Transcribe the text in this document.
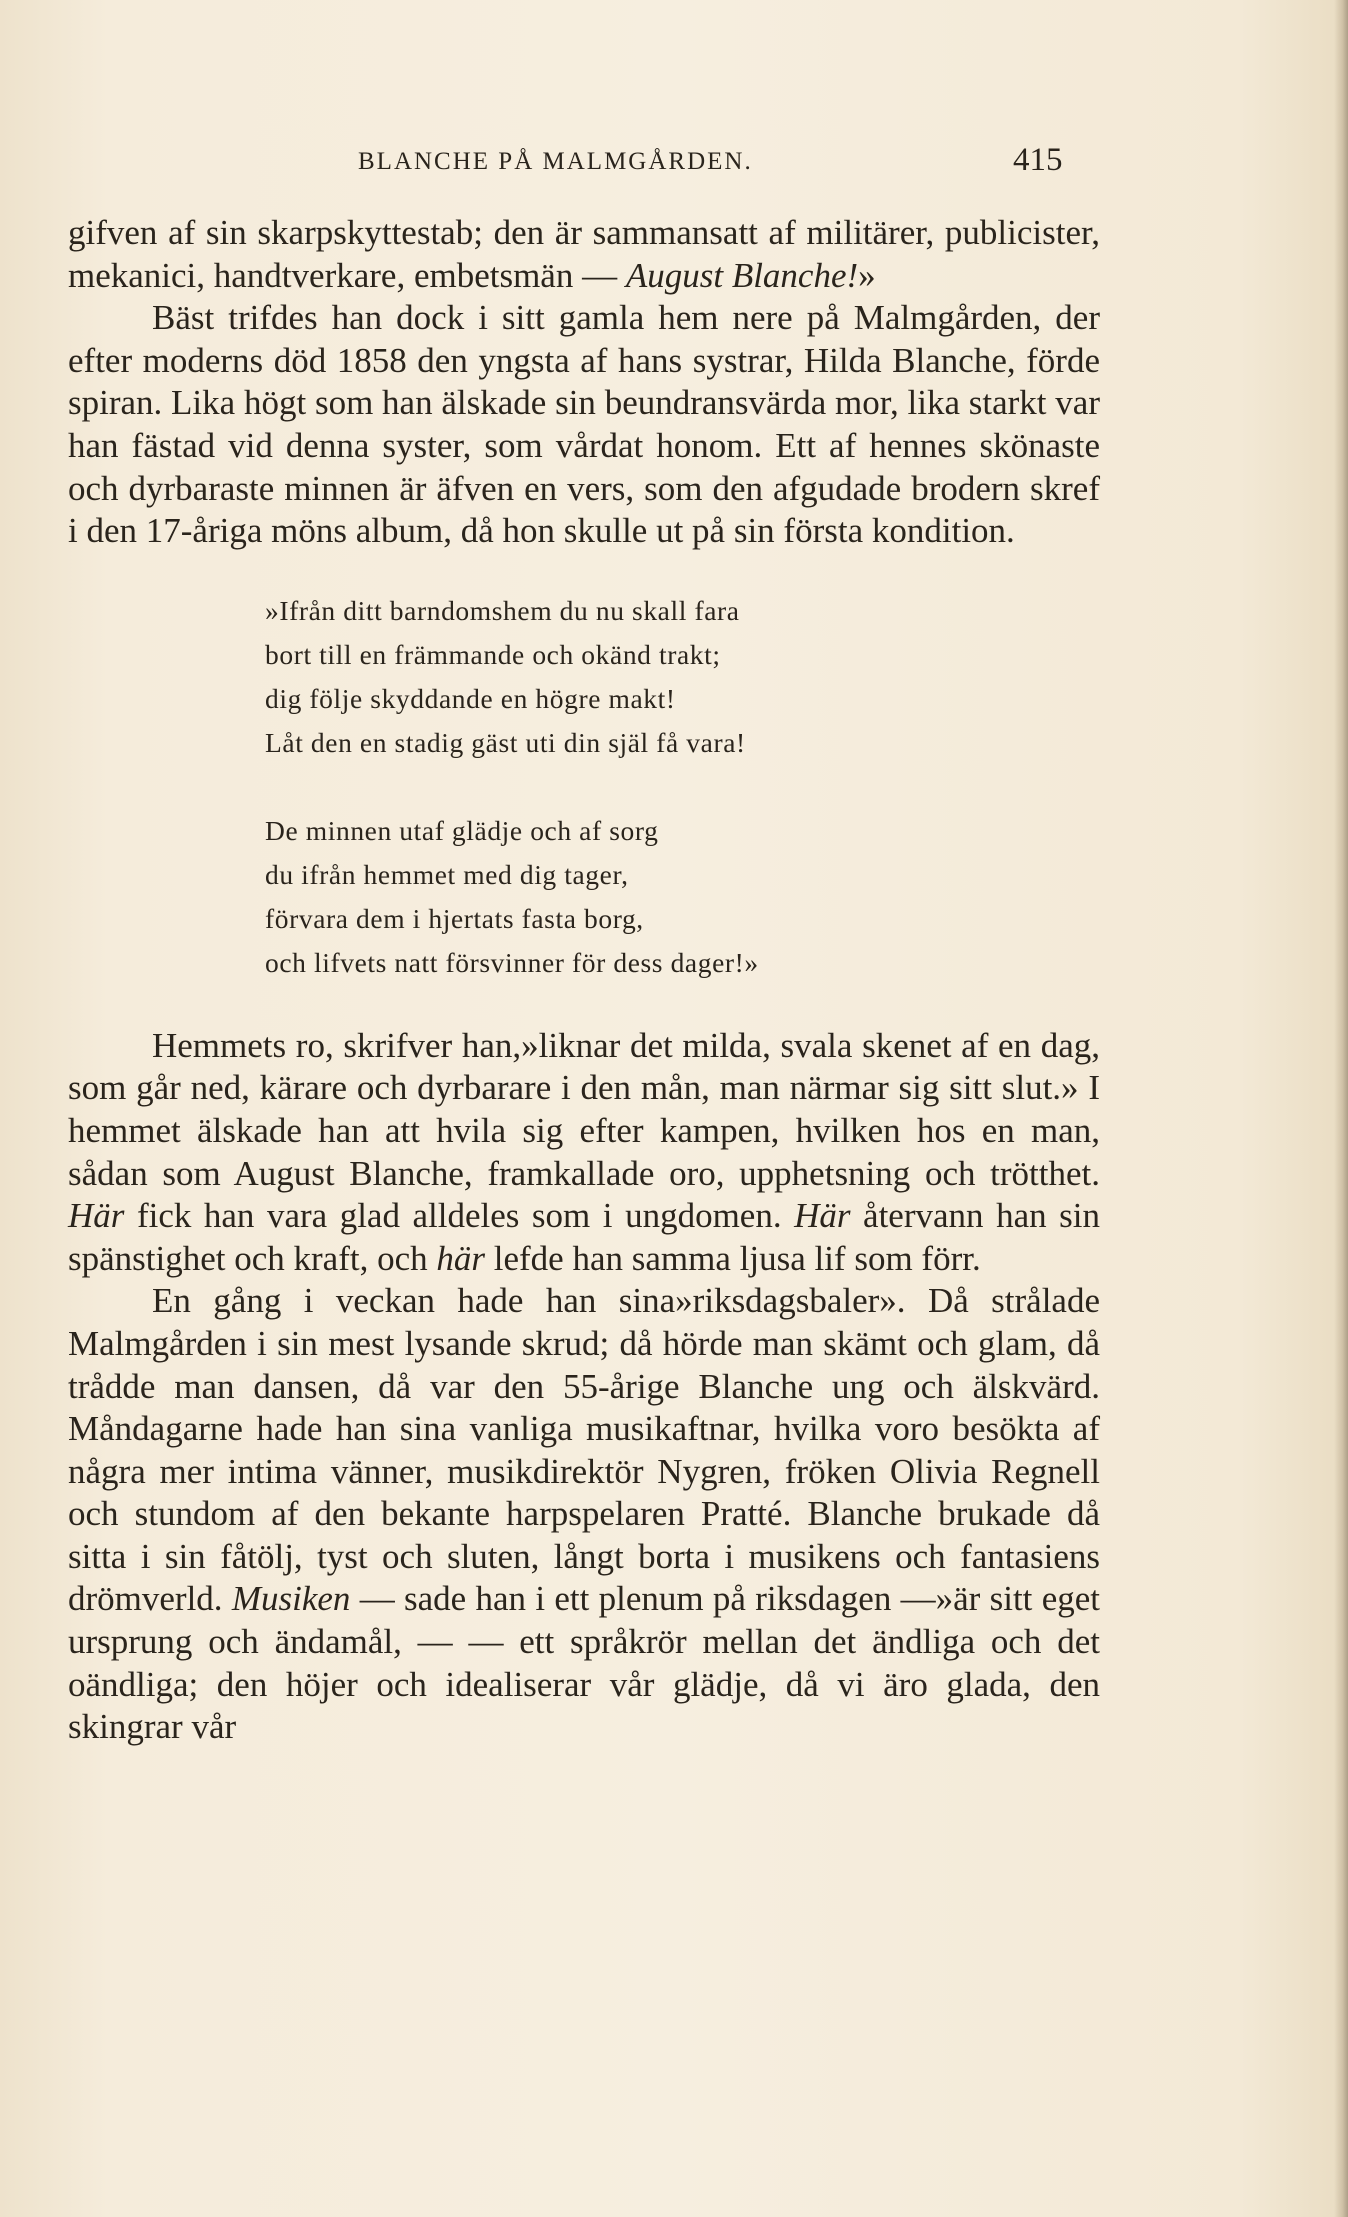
BLANCHE PÅ MALMGÅRDEN.	415

gifven af sin skarpskyttestab; den är sammansatt af militärer, publicister, mekanici, handtverkare, embetsmän — August Blanche!»

Bäst trifdes han dock i sitt gamla hem nere på Malmgården, der efter moderns död 1858 den yngsta af hans systrar, Hilda Blanche, förde spiran. Lika högt som han älskade sin beundransvärda mor, lika starkt var han fästad vid denna syster, som vårdat honom. Ett af hennes skönaste och dyrbaraste minnen är äfven en vers, som den afgudade brodern skref i den 17-åriga möns album, då hon skulle ut på sin första kondition.

»Ifrån ditt barndomshem du nu skall fara
bort till en främmande och okänd trakt;
dig följe skyddande en högre makt!
Låt den en stadig gäst uti din själ få vara!

De minnen utaf glädje och af sorg
du ifrån hemmet med dig tager,
förvara dem i hjertats fasta borg,
och lifvets natt försvinner för dess dager!»

Hemmets ro, skrifver han,»liknar det milda, svala skenet af en dag, som går ned, kärare och dyrbarare i den mån, man närmar sig sitt slut.» I hemmet älskade han att hvila sig efter kampen, hvilken hos en man, sådan som August Blanche, framkallade oro, upphetsning och trötthet. Här fick han vara glad alldeles som i ungdomen. Här återvann han sin spänstighet och kraft, och här lefde han samma ljusa lif som förr.

En gång i veckan hade han sina»riksdagsbaler». Då strålade Malmgården i sin mest lysande skrud; då hörde man skämt och glam, då trådde man dansen, då var den 55-årige Blanche ung och älskvärd. Måndagarne hade han sina vanliga musikaftnar, hvilka voro besökta af några mer intima vänner, musikdirektör Nygren, fröken Olivia Regnell och stundom af den bekante harpspelaren Pratté. Blanche brukade då sitta i sin fåtölj, tyst och sluten, långt borta i musikens och fantasiens drömverld. Musiken — sade han i ett plenum på riksdagen —»är sitt eget ursprung och ändamål, — — ett språkrör mellan det ändliga och det oändliga; den höjer och idealiserar vår glädje, då vi äro glada, den skingrar vår
